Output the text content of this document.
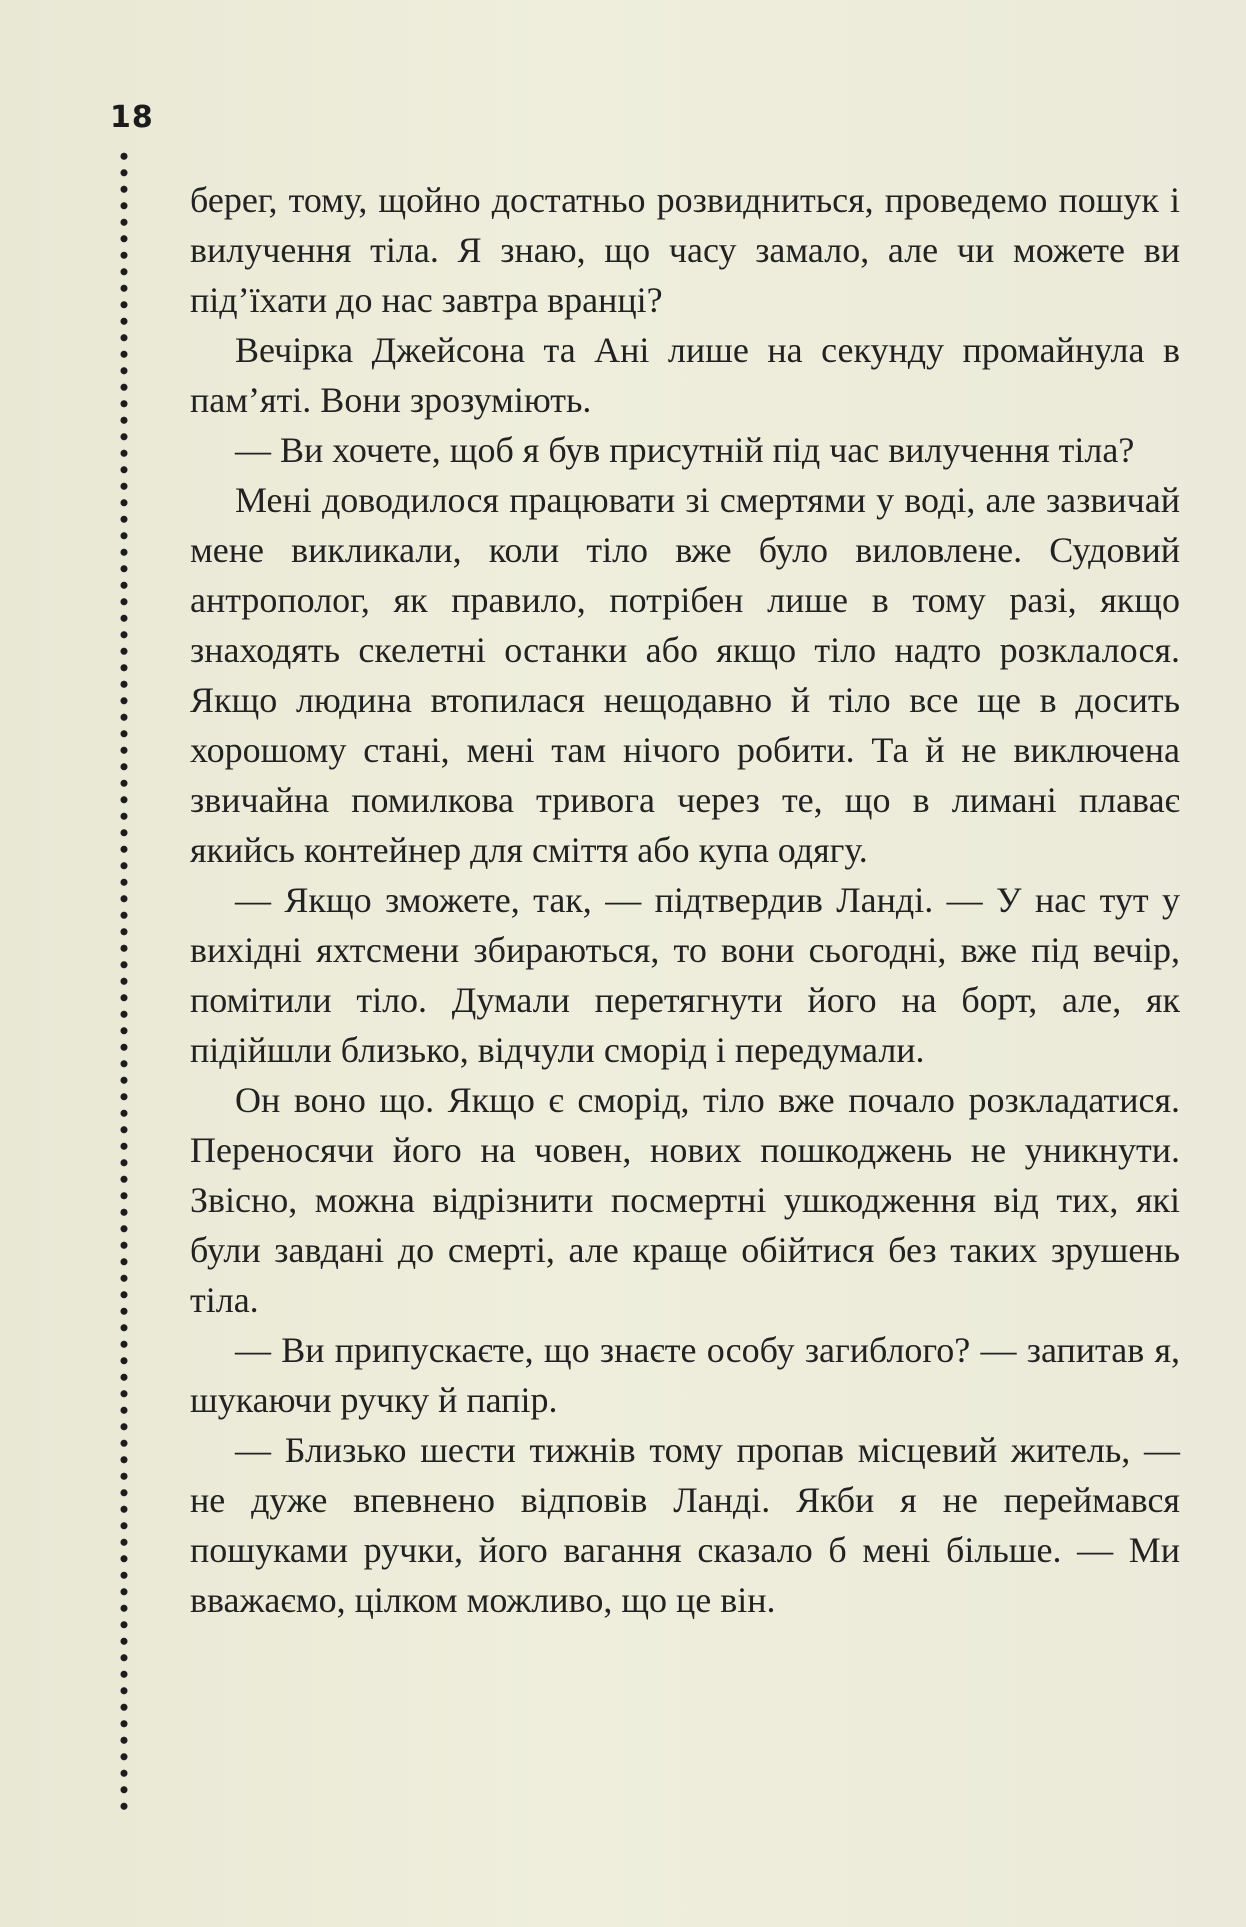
18

берег, тому, щойно достатньо розвидниться, проведемо пошук і вилучення тіла. Я знаю, що часу замало, але чи можете ви під’їхати до нас завтра вранці?

Вечірка Джейсона та Ані лише на секунду промайнула в пам’яті. Вони зрозуміють.

— Ви хочете, щоб я був присутній під час вилучення тіла?

Мені доводилося працювати зі смертями у воді, але зазвичай мене викликали, коли тіло вже було виловлене. Судовий антрополог, як правило, потрібен лише в тому разі, якщо знаходять скелетні останки або якщо тіло надто розклалося. Якщо людина втопилася нещодавно й тіло все ще в досить хорошому стані, мені там нічого робити. Та й не виключена звичайна помилкова тривога через те, що в лимані плаває якийсь контейнер для сміття або купа одягу.

— Якщо зможете, так, — підтвердив Ланді. — У нас тут у вихідні яхтсмени збираються, то вони сьогодні, вже під вечір, помітили тіло. Думали перетягнути його на борт, але, як підійшли близько, відчули сморід і передумали.

Он воно що. Якщо є сморід, тіло вже почало розкладатися. Переносячи його на човен, нових пошкоджень не уникнути. Звісно, можна відрізнити посмертні ушкодження від тих, які були завдані до смерті, але краще обійтися без таких зрушень тіла.

— Ви припускаєте, що знаєте особу загиблого? — запитав я, шукаючи ручку й папір.

— Близько шести тижнів тому пропав місцевий житель, — не дуже впевнено відповів Ланді. Якби я не переймався пошуками ручки, його вагання сказало б мені більше. — Ми вважаємо, цілком можливо, що це він.
